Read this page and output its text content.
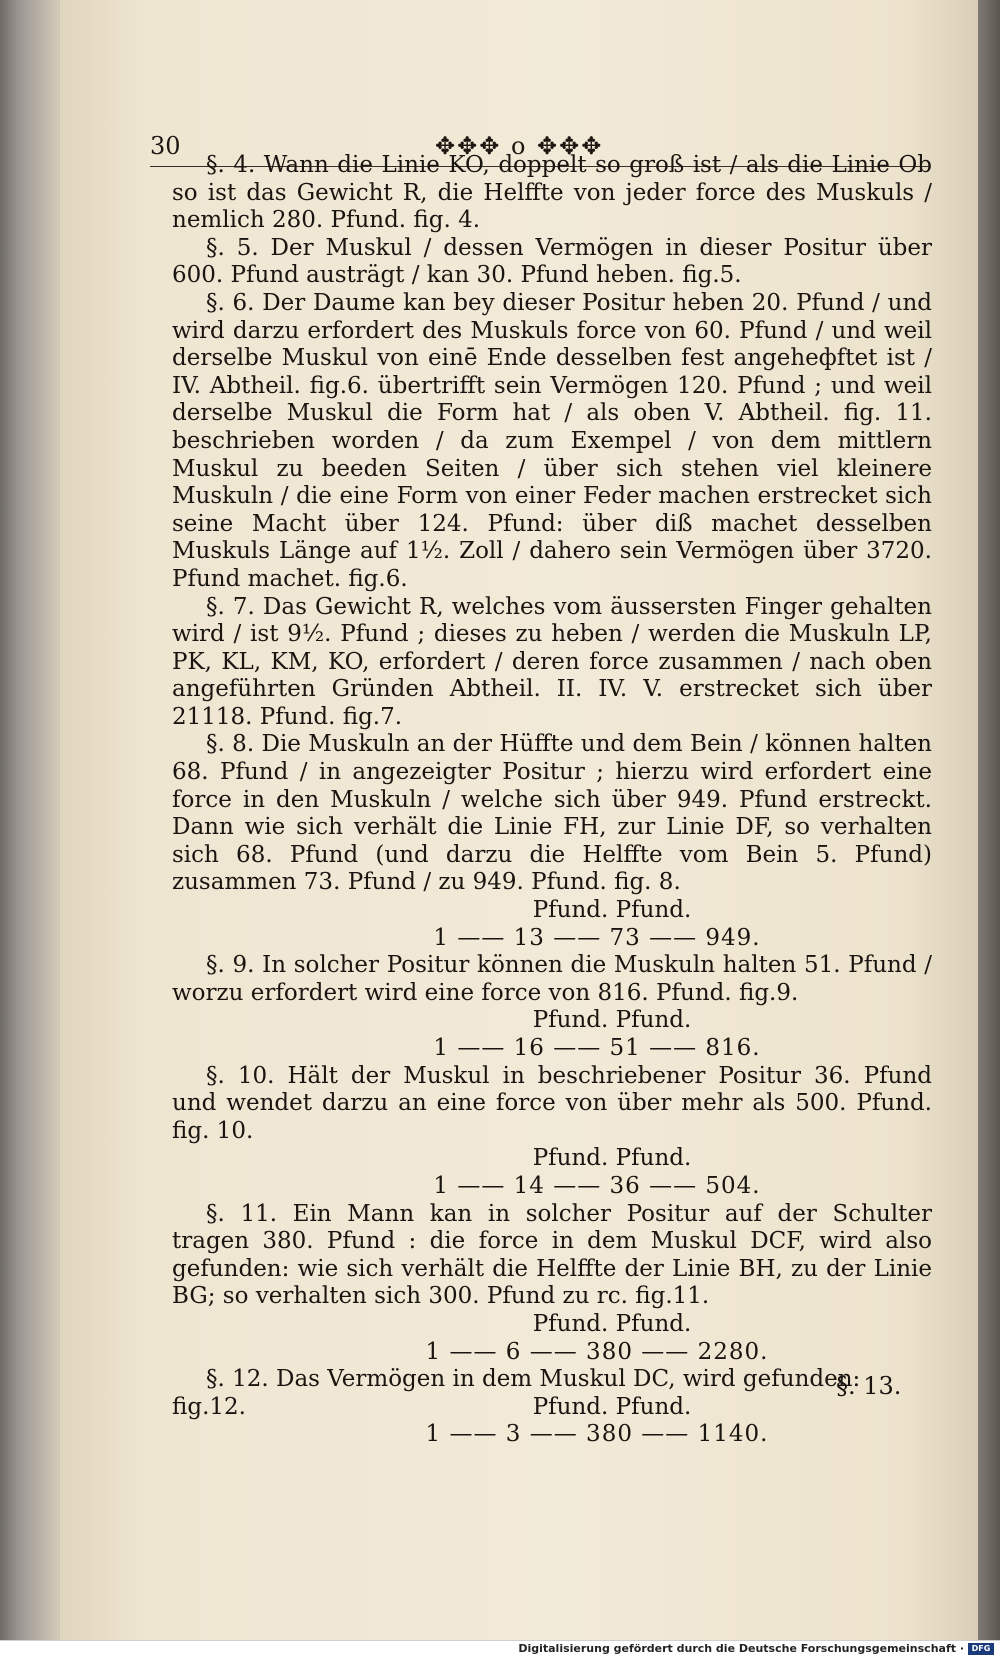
30	✥✥✥ o ✥✥✥

§. 4. Wann die Linie KO, doppelt so groß ist / als die Linie Ob so ist das Gewicht R, die Helffte von jeder force des Muskuls / nemlich 280. Pfund. fig. 4.

§. 5. Der Muskul / dessen Vermögen in dieser Positur über 600. Pfund austrägt / kan 30. Pfund heben. fig.5.

§. 6. Der Daume kan bey dieser Positur heben 20. Pfund / und wird darzu erfordert des Muskuls force von 60. Pfund / und weil derselbe Muskul von einē Ende desselben fest angeheфftet ist / IV. Abtheil. fig.6. übertrifft sein Vermögen 120. Pfund ; und weil derselbe Muskul die Form hat / als oben V. Abtheil. fig. 11. beschrieben worden / da zum Exempel / von dem mittlern Muskul zu beeden Seiten / über sich stehen viel kleinere Muskuln / die eine Form von einer Feder machen erstrecket sich seine Macht über 124. Pfund: über diß machet desselben Muskuls Länge auf 1½. Zoll / dahero sein Vermögen über 3720. Pfund machet. fig.6.

§. 7. Das Gewicht R, welches vom äussersten Finger gehalten wird / ist 9½. Pfund ; dieses zu heben / werden die Muskuln LP, PK, KL, KM, KO, erfordert / deren force zusammen / nach oben angeführten Gründen Abtheil. II. IV. V. erstrecket sich über 21118. Pfund. fig.7.

§. 8. Die Muskuln an der Hüffte und dem Bein / können halten 68. Pfund / in angezeigter Positur ; hierzu wird erfordert eine force in den Muskuln / welche sich über 949. Pfund erstreckt. Dann wie sich verhält die Linie FH, zur Linie DF, so verhalten sich 68. Pfund (und darzu die Helffte vom Bein 5. Pfund) zusammen 73. Pfund / zu 949. Pfund. fig. 8.

Pfund. Pfund.

1 —— 13 —— 73 —— 949.

§. 9. In solcher Positur können die Muskuln halten 51. Pfund / worzu erfordert wird eine force von 816. Pfund. fig.9.

Pfund. Pfund.

1 —— 16 —— 51 —— 816.

§. 10. Hält der Muskul in beschriebener Positur 36. Pfund und wendet darzu an eine force von über mehr als 500. Pfund. fig. 10.

Pfund. Pfund.

1 —— 14 —— 36 —— 504.

§. 11. Ein Mann kan in solcher Positur auf der Schulter tragen 380. Pfund : die force in dem Muskul DCF, wird also gefunden: wie sich verhält die Helffte der Linie BH, zu der Linie BG; so verhalten sich 300. Pfund zu rc. fig.11.

Pfund. Pfund.

1 —— 6 —— 380 —— 2280.

§. 12. Das Vermögen in dem Muskul DC, wird gefunden:

fig.12.	Pfund. Pfund.

1 —— 3 —— 380 —— 1140.

§. 13.
Digitalisierung gefördert durch die Deutsche Forschungsgemeinschaft · DFG
